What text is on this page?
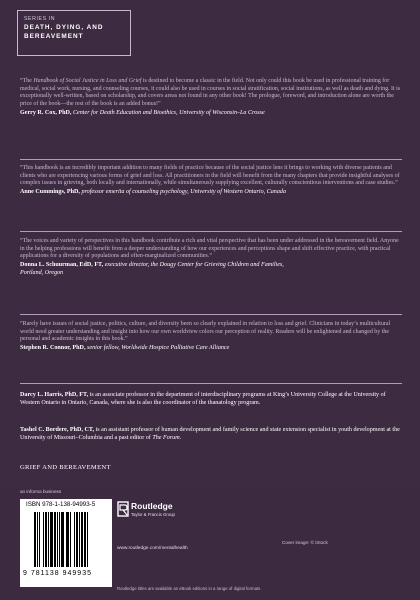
SERIES IN
DEATH, DYING, AND
BEREAVEMENT
“The Handbook of Social Justice in Loss and Grief is destined to become a classic in the field. Not only could this book be used in professional training for medical, social work, nursing, and counseling courses, it could also be used in courses in social stratification, social institutions, as well as death and dying. It is exceptionally well-written, based on scholarship, and covers areas not found in any other book! The prologue, foreword, and introduction alone are worth the price of the book—the rest of the book is an added bonus!”
Gerry R. Cox, PhD, Center for Death Education and Bioethics, University of Wisconsin–La Crosse
“This handbook is an incredibly important addition to many fields of practice because of the social justice lens it brings to working with diverse patients and clients who are experiencing various forms of grief and loss. All practitioners in the field will benefit from the many chapters that provide insightful analyses of complex issues in grieving, both locally and internationally, while simultaneously supplying excellent, culturally conscientious interventions and case studies.”
Anne Cummings, PhD, professor emerita of counseling psychology, University of Western Ontario, Canada
“The voices and variety of perspectives in this handbook contribute a rich and vital perspective that has been under addressed in the bereavement field. Anyone in the helping professions will benefit from a deeper understanding of how our experiences and perceptions shape and shift effective practice, with practical applications for a diversity of populations and often-marginalized communities.”
Donna L. Schuurman, EdD, FT, executive director, the Dougy Center for Grieving Children and Families,
Portland, Oregon
“Rarely have issues of social justice, politics, culture, and diversity been so clearly explained in relation to loss and grief. Clinicians in today’s multicultural world need greater understanding and insight into how our own worldview colors our perception of reality. Readers will be enlightened and changed by the personal and academic insights in this book.”
Stephen R. Connor, PhD, senior fellow, Worldwide Hospice Palliative Care Alliance
Darcy L. Harris, PhD, FT, is an associate professor in the department of interdisciplinary programs at King’s University College at the University of Western Ontario in Ontario, Canada, where she is also the coordinator of the thanatology program.
Tashel C. Bordere, PhD, CT, is an assistant professor of human development and family science and state extension specialist in youth development at the University of Missouri–Columbia and a past editor of The Forum.
GRIEF AND BEREAVEMENT
an informa business
ISBN 978-1-138-94993-5
9 781138 949935
Routledge
Taylor & Francis Group
www.routledge.com/mentalhealth
Cover image: © iStock
Routledge titles are available as eBook editions in a range of digital formats
